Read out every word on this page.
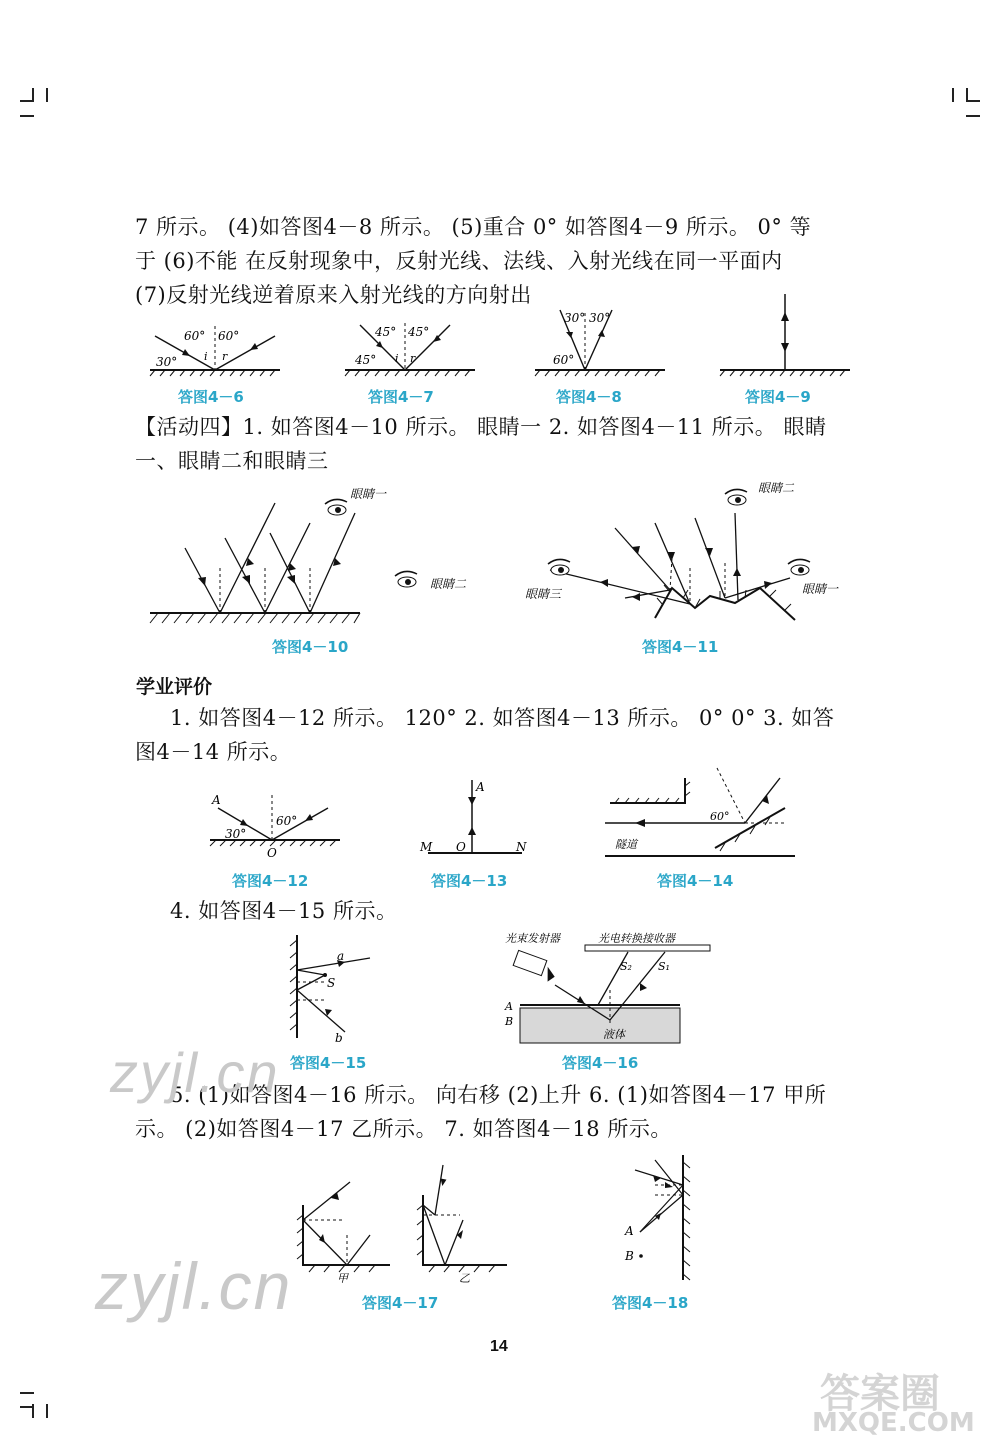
7 所示。 (4)如答图4－8 所示。 (5)重合 0° 如答图4－9 所示。 0° 等
于 (6)不能 在反射现象中，反射光线、法线、入射光线在同一平面内
(7)反射光线逆着原来入射光线的方向射出
60° 60°
30° i r
答图4－6
45° 45°
45° i r
答图4－7
30° 30°
60°
答图4－8	答图4－9
【活动四】1. 如答图4－10 所示。 眼睛一 2. 如答图4－11 所示。 眼睛
一、眼睛二和眼睛三
眼睛一
眼睛二
答图4－10
眼睛二
眼睛三	眼睛一
答图4－11
学业评价
1. 如答图4－12 所示。 120° 2. 如答图4－13 所示。 0° 0° 3. 如答
图4－14 所示。
A
60°
30°
O
答图4－12
A
M O	N
答图4－13
60°
隧道
答图4－14
4. 如答图4－15 所示。
a
S
b
答图4－15
光束发射器	光电转换接收器
S₂ S₁
A
B
液体
答图4－16
5. (1)如答图4－16 所示。 向右移 (2)上升 6. (1)如答图4－17 甲所
示。 (2)如答图4－17 乙所示。 7. 如答图4－18 所示。
甲	乙
答图4－17
A
B
答图4－18
14
zyjl.cn
zyjl.cn
答案圈
MXQE.COM
